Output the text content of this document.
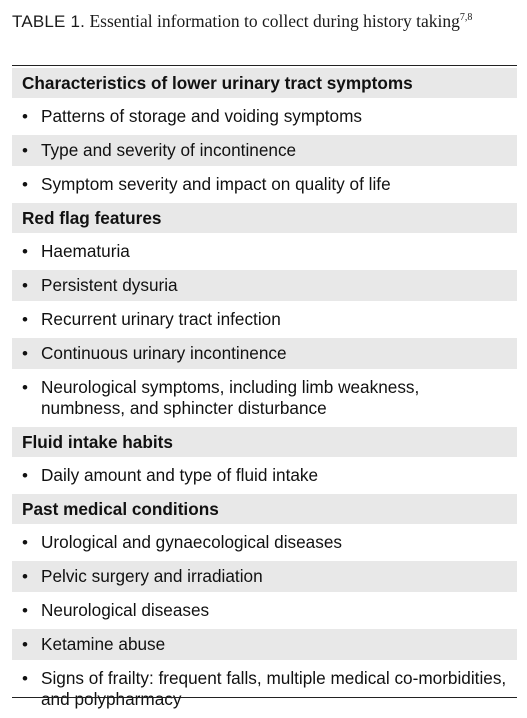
TABLE 1. Essential information to collect during history taking$^{7,8}$
Characteristics of lower urinary tract symptoms
• Patterns of storage and voiding symptoms
• Type and severity of incontinence
• Symptom severity and impact on quality of life
Red flag features
• Haematuria
• Persistent dysuria
• Recurrent urinary tract infection
• Continuous urinary incontinence
• Neurological symptoms, including limb weakness, numbness, and sphincter disturbance
Fluid intake habits
• Daily amount and type of fluid intake
Past medical conditions
• Urological and gynaecological diseases
• Pelvic surgery and irradiation
• Neurological diseases
• Ketamine abuse
• Signs of frailty: frequent falls, multiple medical co-morbidities, and polypharmacy
